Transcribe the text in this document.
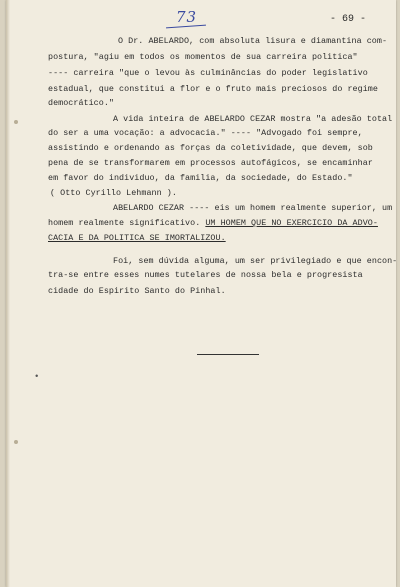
73	- 69 -
O Dr. ABELARDO, com absoluta lisura e diamantina com-
postura, "agiu em todos os momentos de sua carreira politica"
---- carreira "que o levou às culminâncias do poder legislativo
estadual, que constitui a flor e o fruto mais preciosos do regime
democrático."
A vida inteira de ABELARDO CEZAR mostra "a adesão total
do ser a uma vocação: a advocacia." ---- "Advogado foi sempre,
assistindo e ordenando as forças da coletividade, que devem, sob
pena de se transformarem em processos autofágicos, se encaminhar
em favor do individuo, da familia, da sociedade, do Estado."
( Otto Cyrillo Lehmann ).
ABELARDO CEZAR ---- eis um homem realmente superior, um
homem realmente significativo. UM HOMEM QUE NO EXERCICIO DA ADVO-
CACIA E DA POLITICA SE IMORTALIZOU.
Foi, sem dúvida alguma, um ser privilegiado e que encon-
tra-se entre esses numes tutelares de nossa bela e progresista
cidade do Espirito Santo do Pinhal.
•
